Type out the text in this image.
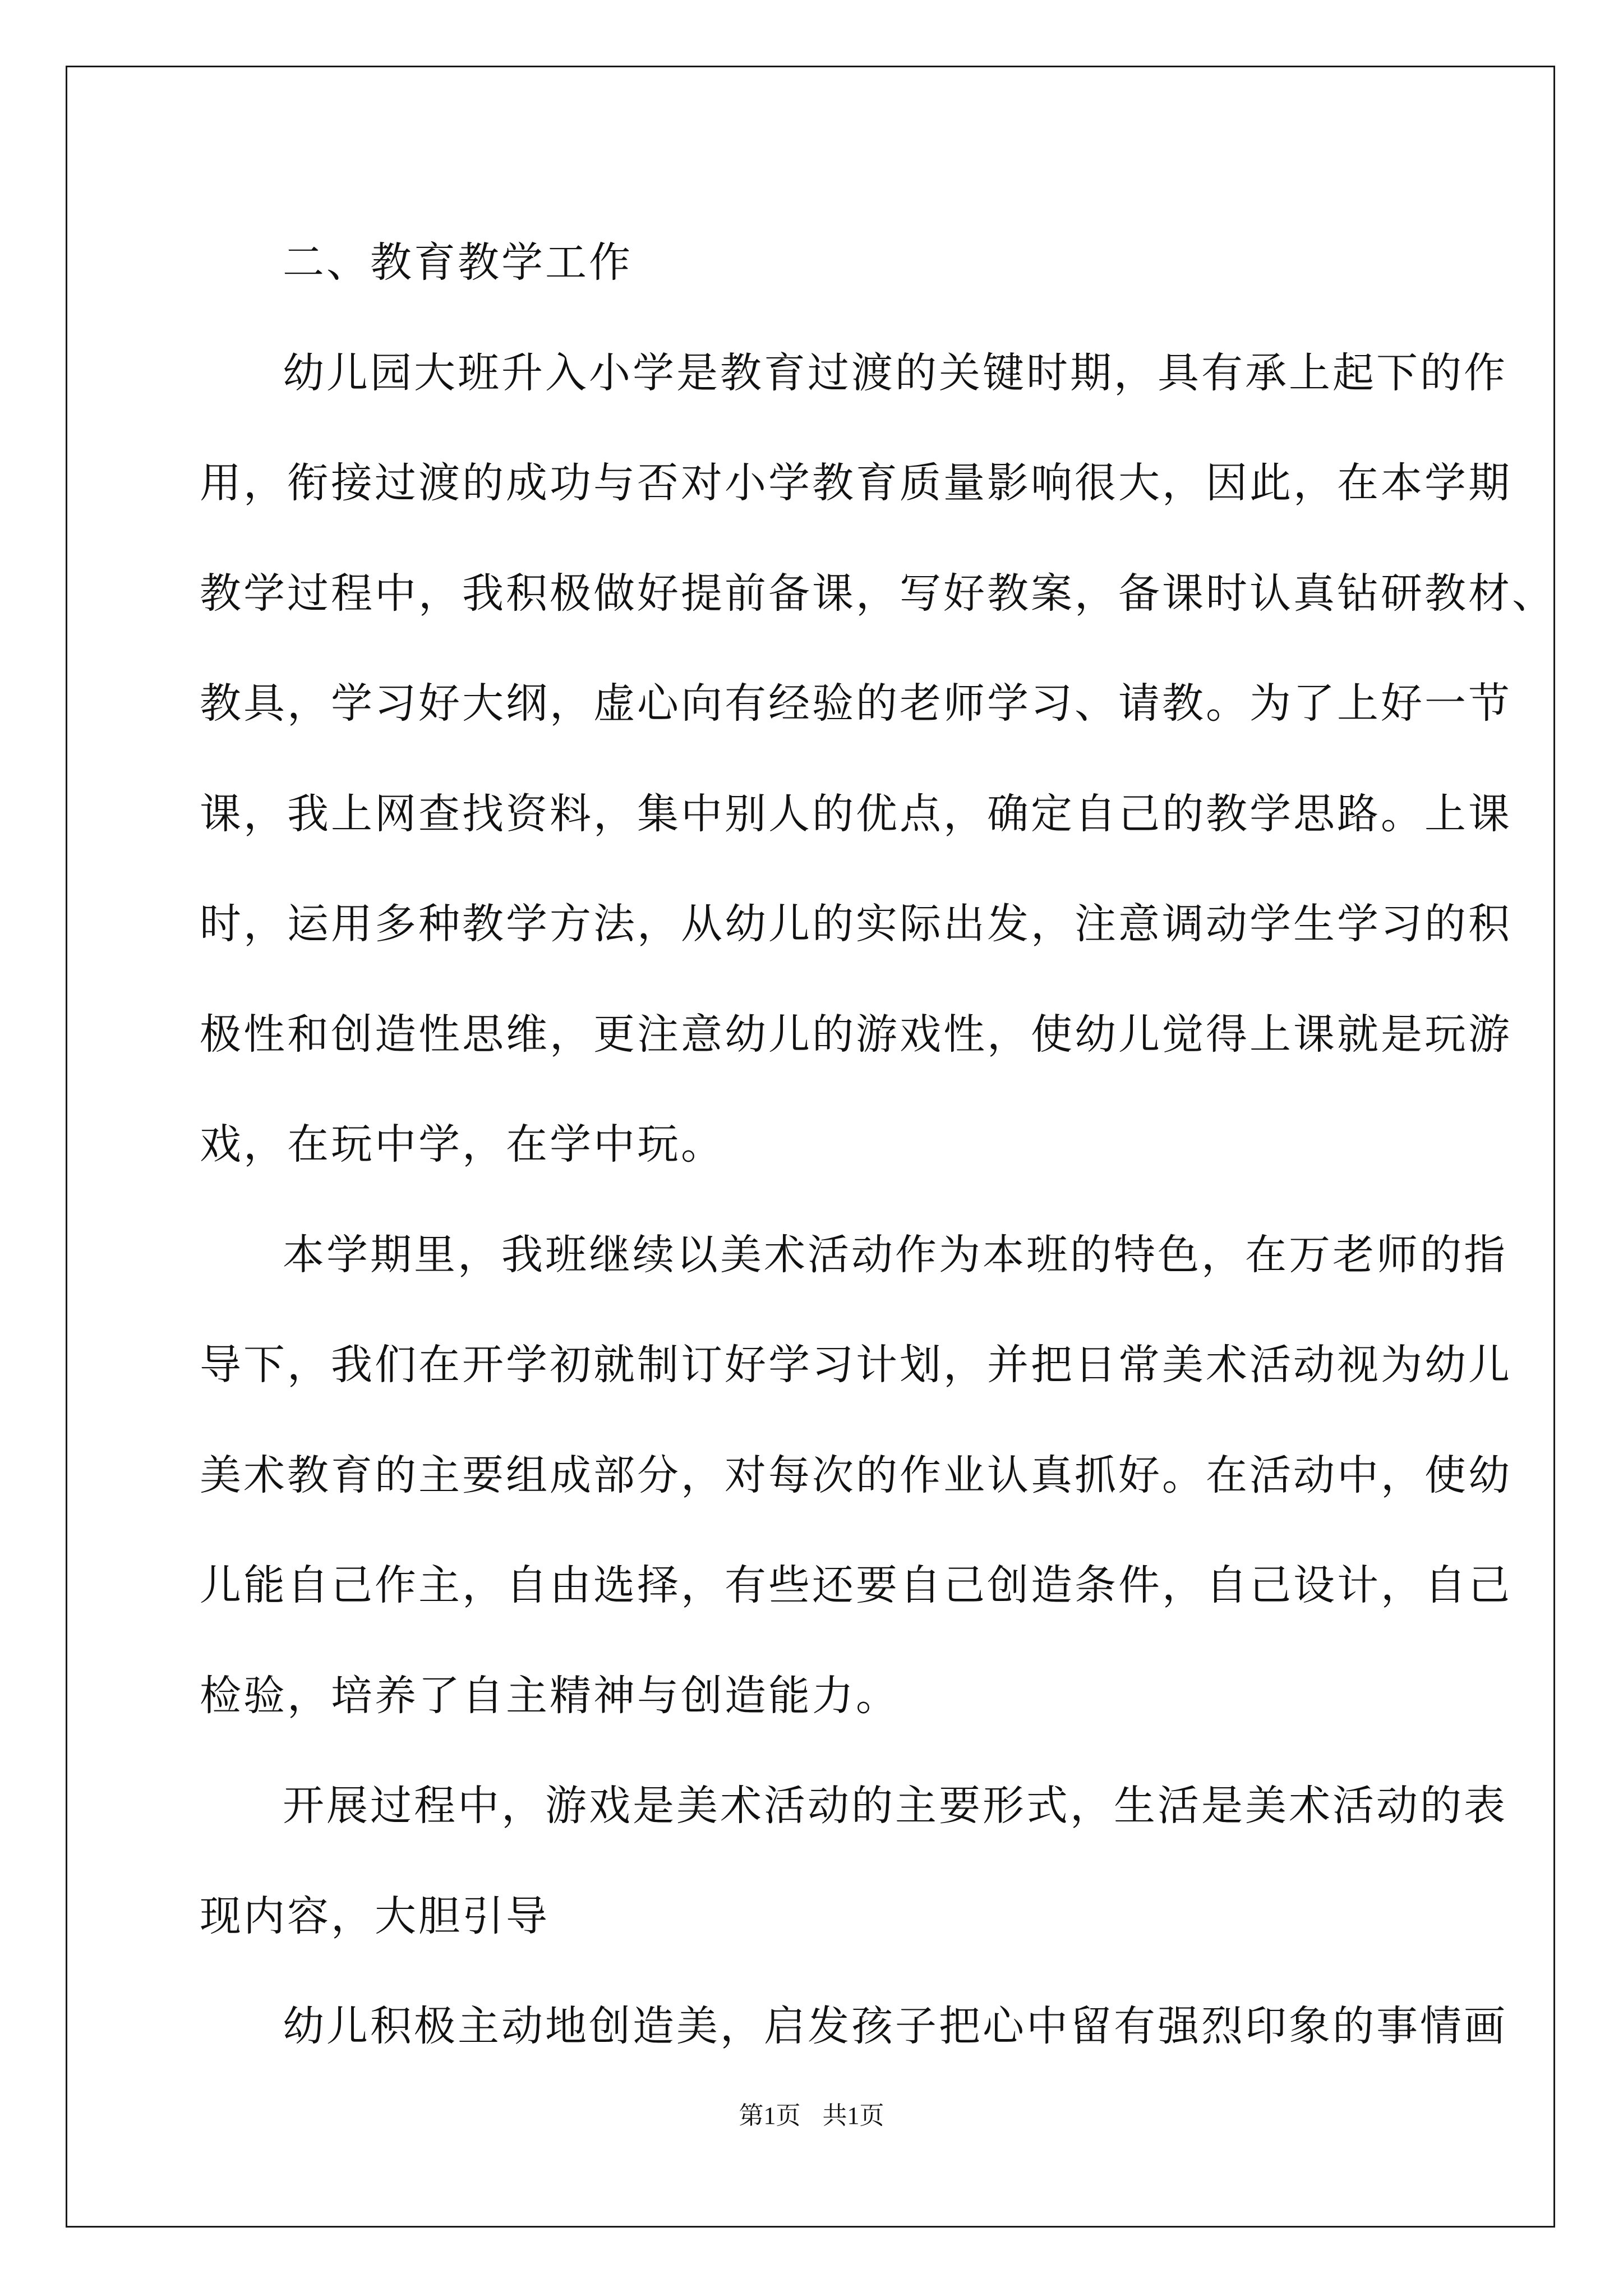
二、教育教学工作
幼儿园大班升入小学是教育过渡的关键时期，具有承上起下的作
用，衔接过渡的成功与否对小学教育质量影响很大，因此，在本学期
教学过程中，我积极做好提前备课，写好教案，备课时认真钻研教材、
教具，学习好大纲，虚心向有经验的老师学习、请教。为了上好一节
课，我上网查找资料，集中别人的优点，确定自己的教学思路。上课
时，运用多种教学方法，从幼儿的实际出发，注意调动学生学习的积
极性和创造性思维，更注意幼儿的游戏性，使幼儿觉得上课就是玩游
戏，在玩中学，在学中玩。
本学期里，我班继续以美术活动作为本班的特色，在万老师的指
导下，我们在开学初就制订好学习计划，并把日常美术活动视为幼儿
美术教育的主要组成部分，对每次的作业认真抓好。在活动中，使幼
儿能自己作主，自由选择，有些还要自己创造条件，自己设计，自己
检验，培养了自主精神与创造能力。
开展过程中，游戏是美术活动的主要形式，生活是美术活动的表
现内容，大胆引导
幼儿积极主动地创造美，启发孩子把心中留有强烈印象的事情画
第1页 共1页
